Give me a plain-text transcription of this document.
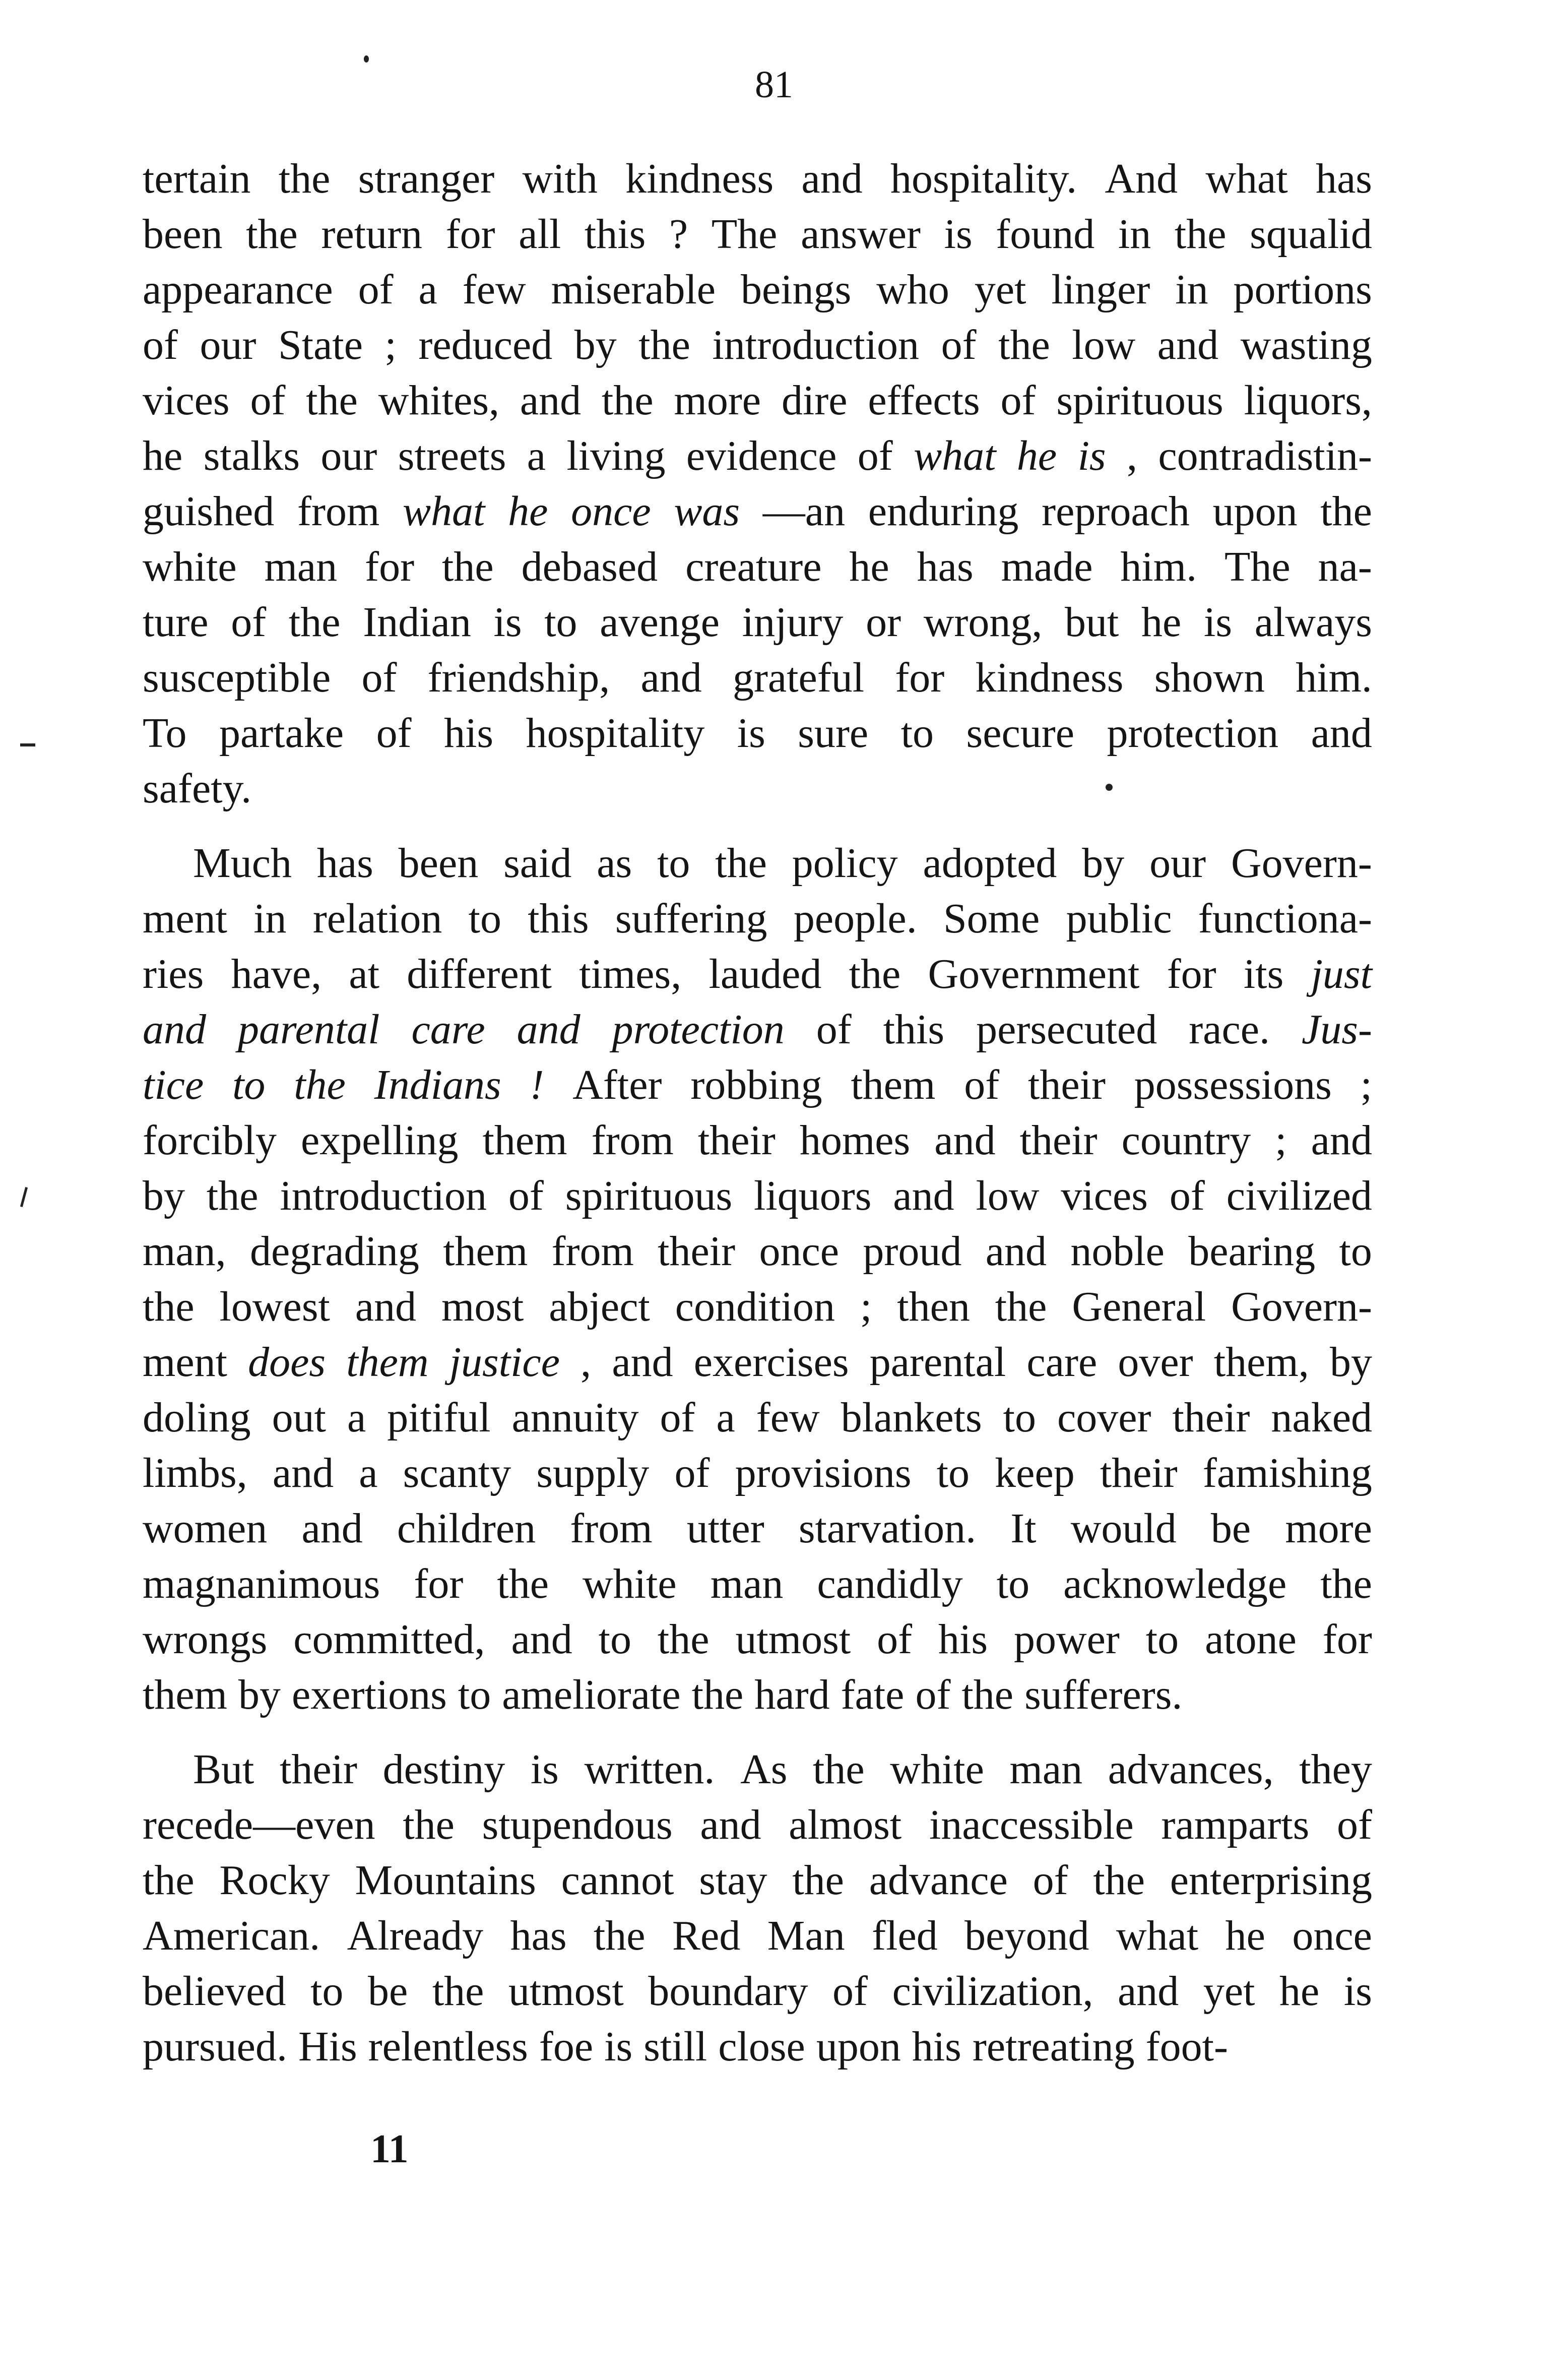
81
tertain the stranger with kindness and hospitality. And what has
been the return for all this ? The answer is found in the squalid
appearance of a few miserable beings who yet linger in portions
of our State ; reduced by the introduction of the low and wasting
vices of the whites, and the more dire effects of spirituous liquors,
he stalks our streets a living evidence of what he is , contradistin-
guished from what he once was —an enduring reproach upon the
white man for the debased creature he has made him. The na-
ture of the Indian is to avenge injury or wrong, but he is always
susceptible of friendship, and grateful for kindness shown him.
To partake of his hospitality is sure to secure protection and
safety.
Much has been said as to the policy adopted by our Govern-
ment in relation to this suffering people. Some public functiona-
ries have, at different times, lauded the Government for its just
and parental care and protection of this persecuted race. Jus-
tice to the Indians ! After robbing them of their possessions ;
forcibly expelling them from their homes and their country ; and
by the introduction of spirituous liquors and low vices of civilized
man, degrading them from their once proud and noble bearing to
the lowest and most abject condition ; then the General Govern-
ment does them justice , and exercises parental care over them, by
doling out a pitiful annuity of a few blankets to cover their naked
limbs, and a scanty supply of provisions to keep their famishing
women and children from utter starvation. It would be more
magnanimous for the white man candidly to acknowledge the
wrongs committed, and to the utmost of his power to atone for
them by exertions to ameliorate the hard fate of the sufferers.
But their destiny is written. As the white man advances, they
recede—even the stupendous and almost inaccessible ramparts of
the Rocky Mountains cannot stay the advance of the enterprising
American. Already has the Red Man fled beyond what he once
believed to be the utmost boundary of civilization, and yet he is
pursued. His relentless foe is still close upon his retreating foot-
11
